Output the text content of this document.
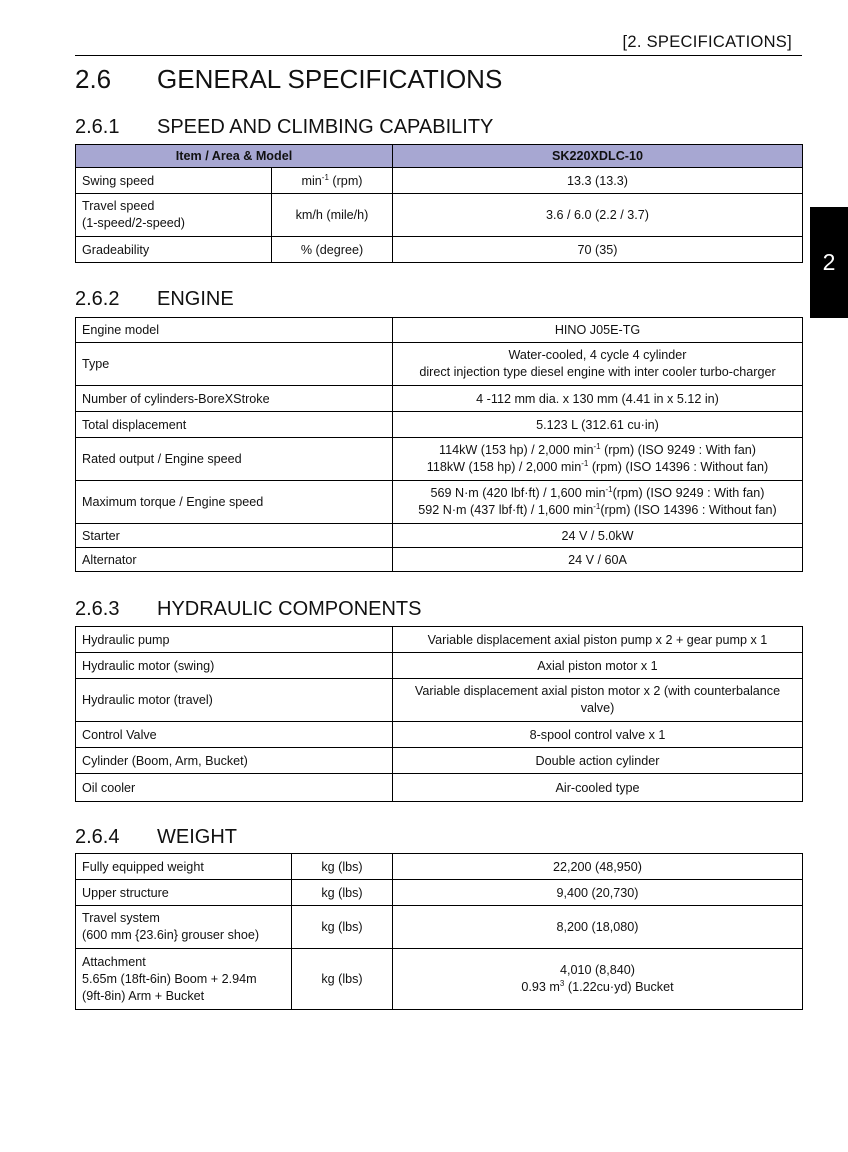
[2. SPECIFICATIONS]
2
2.6 GENERAL SPECIFICATIONS
2.6.1 SPEED AND CLIMBING CAPABILITY
Item / Area & Model		SK220XDLC-10
Swing speed	$\min^{-1} (rpm)$	13.3 (13.3)
Travel speed
(1-speed/2-speed)	km/h (mile/h)	3.6 / 6.0 (2.2 / 3.7)
Gradeability	% (degree)	70 (35)
2.6.2 ENGINE
Engine model	HINO J05E-TG
Type	Water-cooled, 4 cycle 4 cylinder
direct injection type diesel engine with inter cooler turbo-charger
Number of cylinders-BoreXStroke	4 -112 mm dia. x 130 mm (4.41 in x 5.12 in)
Total displacement	5.123 L (312.61 cu·in)
Rated output / Engine speed	114kW (153 hp) / 2,000 $\min^{-1} (rpm)$ (ISO 9249 : With fan)
118kW (158 hp) / 2,000 $\min^{-1} (rpm)$ (ISO 14396 : Without fan)
Maximum torque / Engine speed	569 N·m (420 lbf·ft) / 1,600 $\min^{-1}(rpm)$ (ISO 9249 : With fan)
592 N·m (437 lbf·ft) / 1,600 $\min^{-1}(rpm)$ (ISO 14396 : Without fan)
Starter	24 V / 5.0kW
Alternator	24 V / 60A
2.6.3 HYDRAULIC COMPONENTS
Hydraulic pump	Variable displacement axial piston pump x 2 + gear pump x 1
Hydraulic motor (swing)	Axial piston motor x 1
Hydraulic motor (travel)	Variable displacement axial piston motor x 2 (with counterbalance valve)
Control Valve	8-spool control valve x 1
Cylinder (Boom, Arm, Bucket)	Double action cylinder
Oil cooler	Air-cooled type
2.6.4 WEIGHT
Fully equipped weight	kg (lbs)	22,200 (48,950)
Upper structure	kg (lbs)	9,400 (20,730)
Travel system
(600 mm {23.6in} grouser shoe)	kg (lbs)	8,200 (18,080)
Attachment
5.65m (18ft-6in) Boom + 2.94m
(9ft-8in) Arm + Bucket	kg (lbs)	4,010 (8,840)
0.93 $m^3$ (1.22cu·yd) Bucket
